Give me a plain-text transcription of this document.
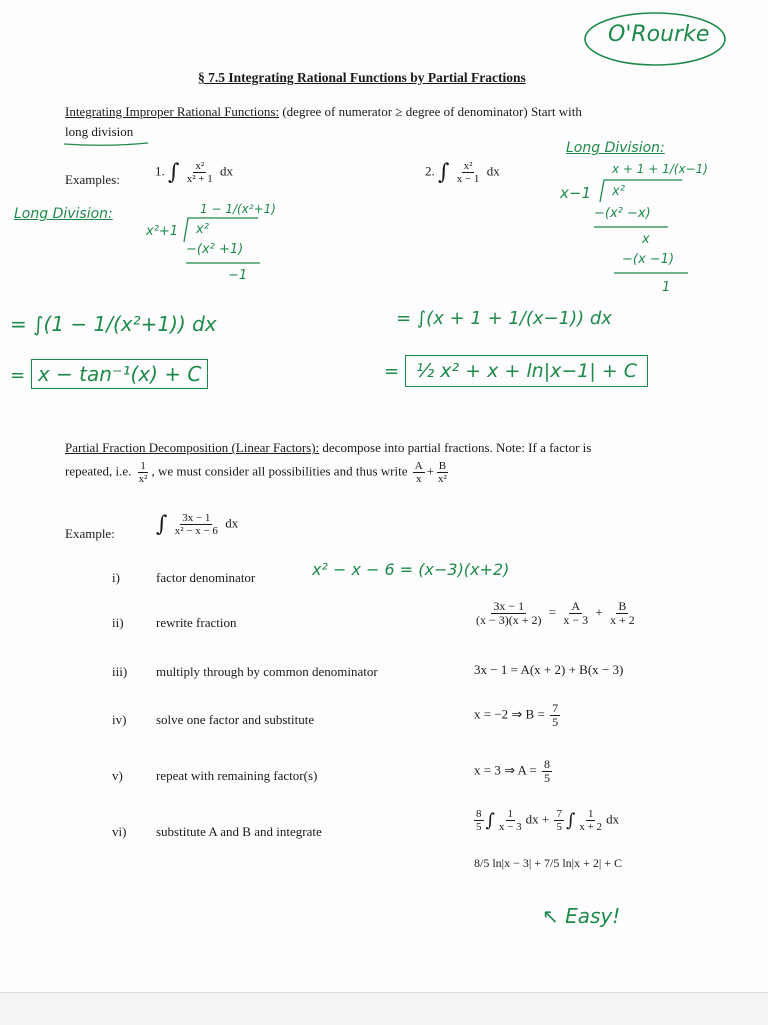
O'Rourke
§ 7.5 Integrating Rational Functions by Partial Fractions
Integrating Improper Rational Functions: (degree of numerator ≥ degree of denominator) Start with
long division
Examples:
1. ∫ $\frac{\text{x²}}{\text{x² + 1}}$ dx	2. ∫ $\frac{\text{x²}}{x - 1}$ dx
Long Division:	1 − 1/(x²+1)
x²+1 x²
−(x² +1)
−1
Long Division:
x + 1 + 1/(x−1)
x−1 x²
−(x² −x)
x
−(x −1)
1
= ∫(1 − 1/(x²+1)) dx
= x − tan⁻¹(x) + C
= ∫(x + 1 + 1/(x−1)) dx
= ½ x² + x + ln|x−1| + C
Partial Fraction Decomposition (Linear Factors): decompose into partial fractions. Note: If a factor is
repeated, i.e. $\frac{1}{\text{x²}}$ , we must consider all possibilities and thus write $\frac{A}{x} + \frac{B}{\text{x²}}$
Example: ∫ $\frac{3x - 1}{\text{x² − x − 6}}$ dx
i)	factor denominator	x² − x − 6 = (x−3)(x+2)
ii) rewrite fraction	$\frac{3x - 1}{(x - 3)(x + 2)} = \frac{A}{x - 3} + \frac{B}{x + 2}$
iii) multiply through by common denominator	3x − 1 = A(x + 2) + B(x − 3)
iv) solve one factor and substitute	x = −2 ⇒ $B = \frac{7}{5}$
v)	repeat with remaining factor(s)	x = 3 ⇒ $A = \frac{8}{5}$
vi) substitute A and B and integrate	$\frac{8}{5}$ ∫ $\frac{1}{x - 3}$ dx + $\frac{7}{5}$ ∫ $\frac{1}{x + 2}$ dx
8/5 ln|x − 3| + 7/5 ln|x + 2| + C
↖ Easy!
